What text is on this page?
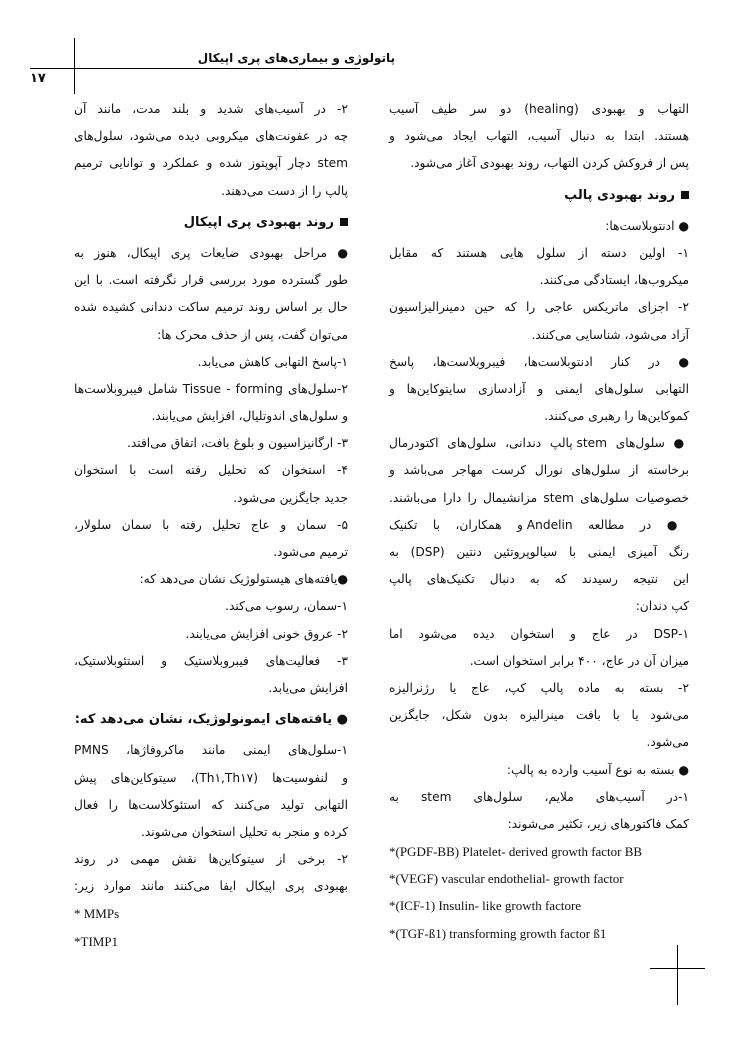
پاتولوژی و بیماری‌های پری اپیکال
۱۷
التهاب و بهبودی (healing) دو سر طیف آسیب
هستند. ابتدا به دنبال آسیب، التهاب ایجاد می‌شود و
پس از فروکش کردن التهاب، روند بهبودی آغاز می‌شود.
روند بهبودی پالپ
● ادنتوبلاست‌ها:
۱- اولین دسته از سلول هایی هستند که مقابل
میکروب‌ها، ایستادگی می‌کنند.
۲- اجزای ماتریکس عاجی را که حین دمینرالیزاسیون
آزاد می‌شود، شناسایی می‌کنند.
● در کنار ادنتوبلاست‌ها، فیبروبلاست‌ها، پاسخ
التهابی سلول‌های ایمنی و آزادسازی سایتوکاین‌ها و
کموکاین‌ها را رهبری می‌کنند.
● سلول‌های stem پالپ دندانی، سلول‌های اکتودرمال
برخاسته از سلول‌های نورال کرست مهاجر می‌باشد و
خصوصیات سلول‌های stem مزانشیمال را دارا می‌باشند.
● در مطالعه Andelin و همکاران، با تکنیک
رنگ آمیزی ایمنی با سیالوپروتئین دنتین (DSP) به
این نتیجه رسیدند که به دنبال تکنیک‌های پالپ
کپ دندان:
۱-DSP در عاج و استخوان دیده می‌شود اما
میزان آن در عاج، ۴۰۰ برابر استخوان است.
۲- بسته به ماده پالپ کپ، عاج یا رژنرالیزه
می‌شود یا با بافت مینرالیزه بدون شکل، جایگزین
می‌شود.
● بسته به نوع آسیب وارده به پالپ:
۱-در آسیب‌های ملایم، سلول‌های stem به
کمک فاکتورهای زیر، تکثیر می‌شوند:
*(PGDF-BB) Platelet- derived growth factor BB
*(VEGF) vascular endothelial- growth factor
*(ICF-1) Insulin- like growth factore
*(TGF-ß1) transforming growth factor ß1
۲- در آسیب‌های شدید و بلند مدت، مانند آن
چه در عفونت‌های میکروبی دیده می‌شود، سلول‌های
stem دچار آپوپتوز شده و عملکرد و توانایی ترمیم
پالپ را از دست می‌دهند.
روند بهبودی پری اپیکال
● مراحل بهبودی ضایعات پری اپیکال، هنوز به
طور گسترده مورد بررسی قرار نگرفته است. با این
حال بر اساس روند ترمیم ساکت دندانی کشیده شده
می‌توان گفت، پس از حذف محرک ها:
۱-پاسخ التهابی کاهش می‌یابد.
۲-سلول‌های Tissue - forming شامل فیبروبلاست‌ها
و سلول‌های اندوتلیال، افزایش می‌یابند.
۳- ارگانیزاسیون و بلوغ بافت، اتفاق می‌افتد.
۴- استخوان که تحلیل رفته است با استخوان
جدید جایگزین می‌شود.
۵- سمان و عاج تحلیل رفته با سمان سلولار،
ترمیم می‌شود.
●یافته‌های هیستولوژیک نشان می‌دهد که:
۱-سمان، رسوب می‌کند.
۲- عروق خونی افزایش می‌یابند.
۳- فعالیت‌های فیبروبلاستیک و استئوبلاستیک،
افزایش می‌یابد.
● یافته‌های ایمونولوژیک، نشان می‌دهد که:
۱-سلول‌های ایمنی مانند ماکروفاژها، PMNS
و لنفوسیت‌ها (Th۱,Th۱۷)، سیتوکاین‌های پیش
التهابی تولید می‌کنند که استئوکلاست‌ها را فعال
کرده و منجر به تحلیل استخوان می‌شوند.
۲- برخی از سیتوکاین‌ها نقش مهمی در روند
بهبودی پری اپیکال ایفا می‌کنند مانند موارد زیر:
* MMPs
*TIMP1
